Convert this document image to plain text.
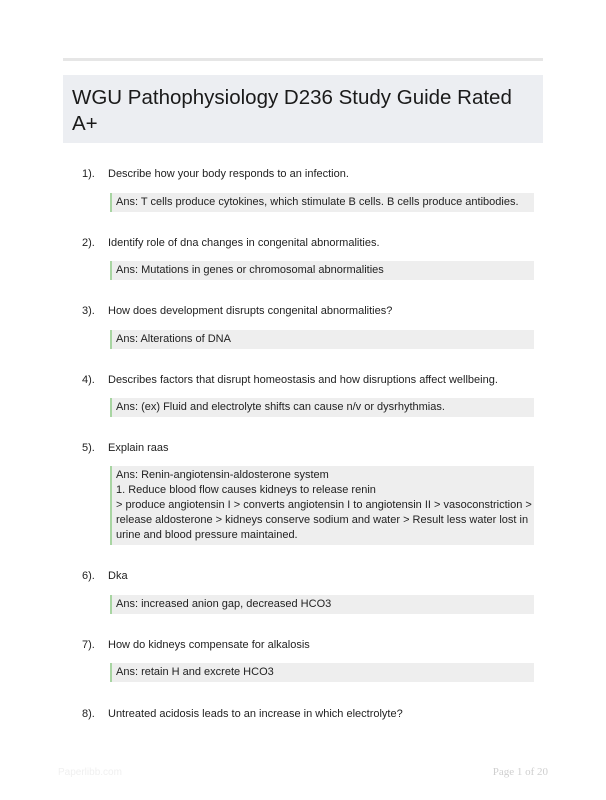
WGU Pathophysiology D236 Study Guide Rated A+
1). Describe how your body responds to an infection.
Ans: T cells produce cytokines, which stimulate B cells. B cells produce antibodies.
2). Identify role of dna changes in congenital abnormalities.
Ans: Mutations in genes or chromosomal abnormalities
3). How does development disrupts congenital abnormalities?
Ans: Alterations of DNA
4). Describes factors that disrupt homeostasis and how disruptions affect wellbeing.
Ans: (ex) Fluid and electrolyte shifts can cause n/v or dysrhythmias.
5). Explain raas
Ans: Renin-angiotensin-aldosterone system
1. Reduce blood flow causes kidneys to release renin
> produce angiotensin I > converts angiotensin I to angiotensin II > vasoconstriction >
release aldosterone > kidneys conserve sodium and water > Result less water lost in
urine and blood pressure maintained.
6). Dka
Ans: increased anion gap, decreased HCO3
7). How do kidneys compensate for alkalosis
Ans: retain H and excrete HCO3
8). Untreated acidosis leads to an increase in which electrolyte?
Paperlibb.com	Page 1 of 20
